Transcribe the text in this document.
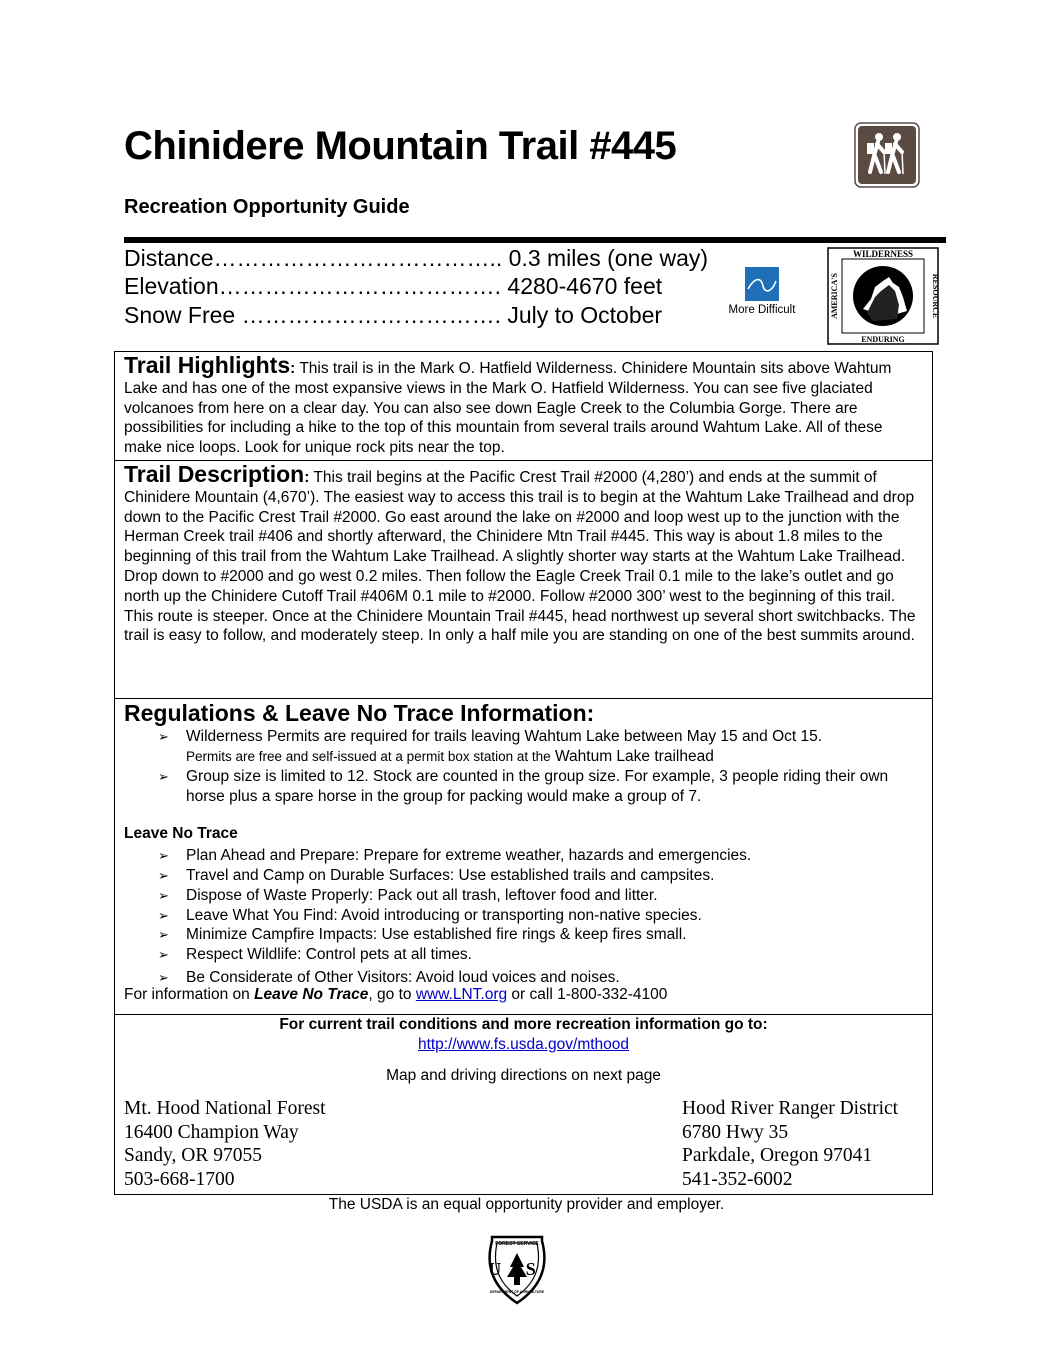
Chinidere Mountain Trail #445
Recreation Opportunity Guide
Distance……………………………….. 0.3 miles (one way)
Elevation………………………………. 4280-4670 feet
Snow Free ……………………………. July to October	More Difficult
WILDERNESS
ENDURING
RESOURCE
AMERICA'S
Trail Highlights: This trail is in the Mark O. Hatfield Wilderness. Chinidere Mountain sits above Wahtum Lake and has one of the most expansive views in the Mark O. Hatfield Wilderness. You can see five glaciated volcanoes from here on a clear day. You can also see down Eagle Creek to the Columbia Gorge. There are possibilities for including a hike to the top of this mountain from several trails around Wahtum Lake. All of these make nice loops. Look for unique rock pits near the top.
Trail Description: This trail begins at the Pacific Crest Trail #2000 (4,280’) and ends at the summit of Chinidere Mountain (4,670’). The easiest way to access this trail is to begin at the Wahtum Lake Trailhead and drop down to the Pacific Crest Trail #2000. Go east around the lake on #2000 and loop west up to the junction with the Herman Creek trail #406 and shortly afterward, the Chinidere Mtn Trail #445. This way is about 1.8 miles to the beginning of this trail from the Wahtum Lake Trailhead. A slightly shorter way starts at the Wahtum Lake Trailhead. Drop down to #2000 and go west 0.2 miles. Then follow the Eagle Creek Trail 0.1 mile to the lake’s outlet and go north up the Chinidere Cutoff Trail #406M 0.1 mile to #2000. Follow #2000 300’ west to the beginning of this trail. This route is steeper. Once at the Chinidere Mountain Trail #445, head northwest up several short switchbacks. The trail is easy to follow, and moderately steep. In only a half mile you are standing on one of the best summits around.
Regulations & Leave No Trace Information:
➢ Wilderness Permits are required for trails leaving Wahtum Lake between May 15 and Oct 15.
Permits are free and self-issued at a permit box station at the Wahtum Lake trailhead
➢ Group size is limited to 12. Stock are counted in the group size. For example, 3 people riding their own horse plus a spare horse in the group for packing would make a group of 7.
Leave No Trace
➢ Plan Ahead and Prepare: Prepare for extreme weather, hazards and emergencies.
➢ Travel and Camp on Durable Surfaces: Use established trails and campsites.
➢ Dispose of Waste Properly: Pack out all trash, leftover food and litter.
➢ Leave What You Find: Avoid introducing or transporting non-native species.
➢ Minimize Campfire Impacts: Use established fire rings & keep fires small.
➢ Respect Wildlife: Control pets at all times.
➢ Be Considerate of Other Visitors: Avoid loud voices and noises.
For information on Leave No Trace, go to www.LNT.org or call 1-800-332-4100
For current trail conditions and more recreation information go to:
http://www.fs.usda.gov/mthood
Map and driving directions on next page
Mt. Hood National Forest
16400 Champion Way
Sandy, OR 97055
503-668-1700
Hood River Ranger District
6780 Hwy 35
Parkdale, Oregon 97041
541-352-6002
The USDA is an equal opportunity provider and employer.
FOREST SERVICE
U S
DEPARTMENT OF AGRICULTURE
